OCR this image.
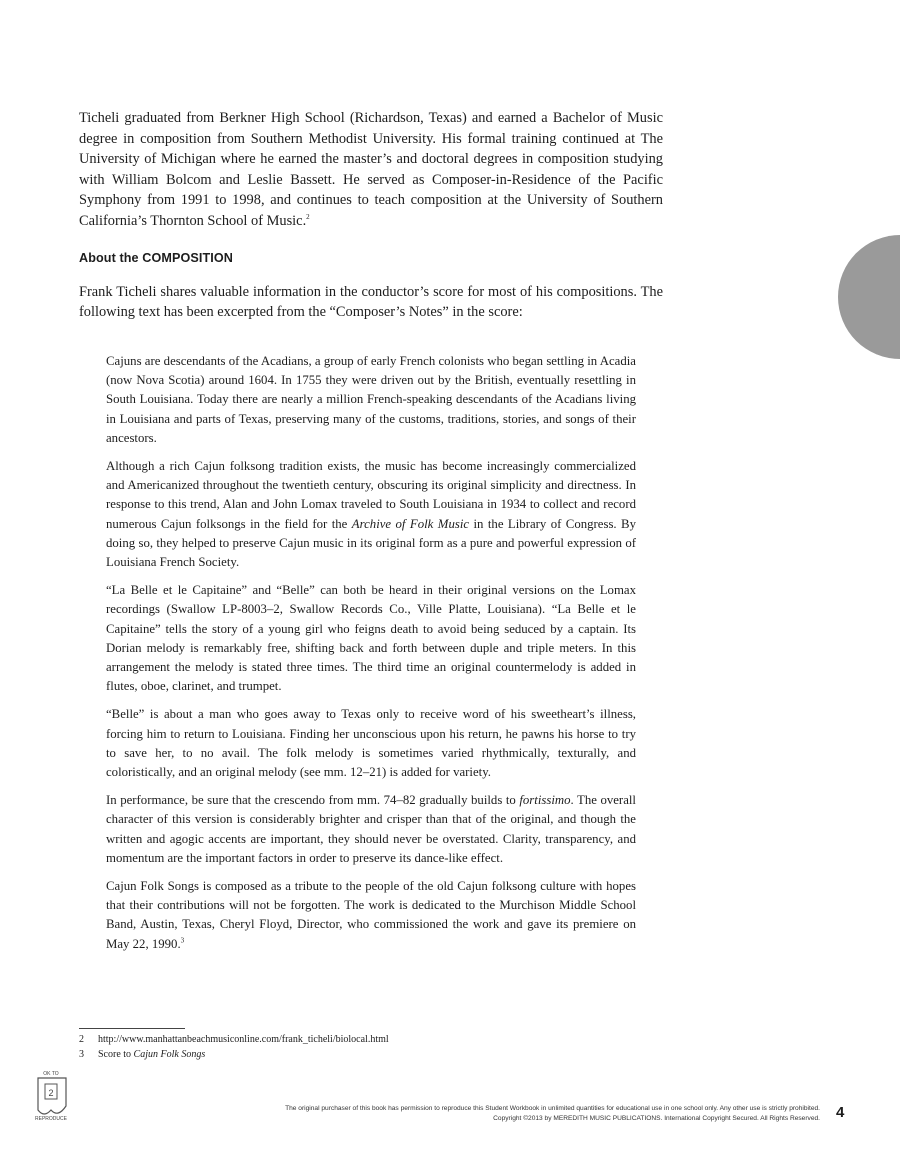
Ticheli graduated from Berkner High School (Richardson, Texas) and earned a Bachelor of Music degree in composition from Southern Methodist University. His formal training continued at The University of Michigan where he earned the master’s and doctoral degrees in composition studying with William Bolcom and Leslie Bassett. He served as Composer-in-Residence of the Pacific Symphony from 1991 to 1998, and continues to teach composition at the University of Southern California’s Thornton School of Music.$^2$

About the COMPOSITION

Frank Ticheli shares valuable information in the conductor’s score for most of his compositions. The following text has been excerpted from the “Composer’s Notes” in the score:

Cajuns are descendants of the Acadians, a group of early French colonists who began settling in Acadia (now Nova Scotia) around 1604. In 1755 they were driven out by the British, eventually resettling in South Louisiana. Today there are nearly a million French-speaking descendants of the Acadians living in Louisiana and parts of Texas, preserving many of the customs, traditions, stories, and songs of their ancestors.

Although a rich Cajun folksong tradition exists, the music has become increasingly commercialized and Americanized throughout the twentieth century, obscuring its original simplicity and directness. In response to this trend, Alan and John Lomax traveled to South Louisiana in 1934 to collect and record numerous Cajun folksongs in the field for the Archive of Folk Music in the Library of Congress. By doing so, they helped to preserve Cajun music in its original form as a pure and powerful expression of Louisiana French Society.

“La Belle et le Capitaine” and “Belle” can both be heard in their original versions on the Lomax recordings (Swallow LP-8003–2, Swallow Records Co., Ville Platte, Louisiana). “La Belle et le Capitaine” tells the story of a young girl who feigns death to avoid being seduced by a captain. Its Dorian melody is remarkably free, shifting back and forth between duple and triple meters. In this arrangement the melody is stated three times. The third time an original countermelody is added in flutes, oboe, clarinet, and trumpet.

“Belle” is about a man who goes away to Texas only to receive word of his sweetheart’s illness, forcing him to return to Louisiana. Finding her unconscious upon his return, he pawns his horse to try to save her, to no avail. The folk melody is sometimes varied rhythmically, texturally, and coloristically, and an original melody (see mm. 12–21) is added for variety.

In performance, be sure that the crescendo from mm. 74–82 gradually builds to fortissimo. The overall character of this version is considerably brighter and crisper than that of the original, and though the written and agogic accents are important, they should never be overstated. Clarity, transparency, and momentum are the important factors in order to preserve its dance-like effect.

Cajun Folk Songs is composed as a tribute to the people of the old Cajun folksong culture with hopes that their contributions will not be forgotten. The work is dedicated to the Murchison Middle School Band, Austin, Texas, Cheryl Floyd, Director, who commissioned the work and gave its premiere on May 22, 1990.$^3$

2 http://www.manhattanbeachmusiconline.com/frank_ticheli/biolocal.html
3 Score to Cajun Folk Songs
OK TO
2
REPRODUCE
The original purchaser of this book has permission to reproduce this Student Workbook in unlimited quantities for educational use in one school only. Any other use is strictly prohibited.
Copyright ©2013 by MEREDITH MUSIC PUBLICATIONS. International Copyright Secured. All Rights Reserved. 4
